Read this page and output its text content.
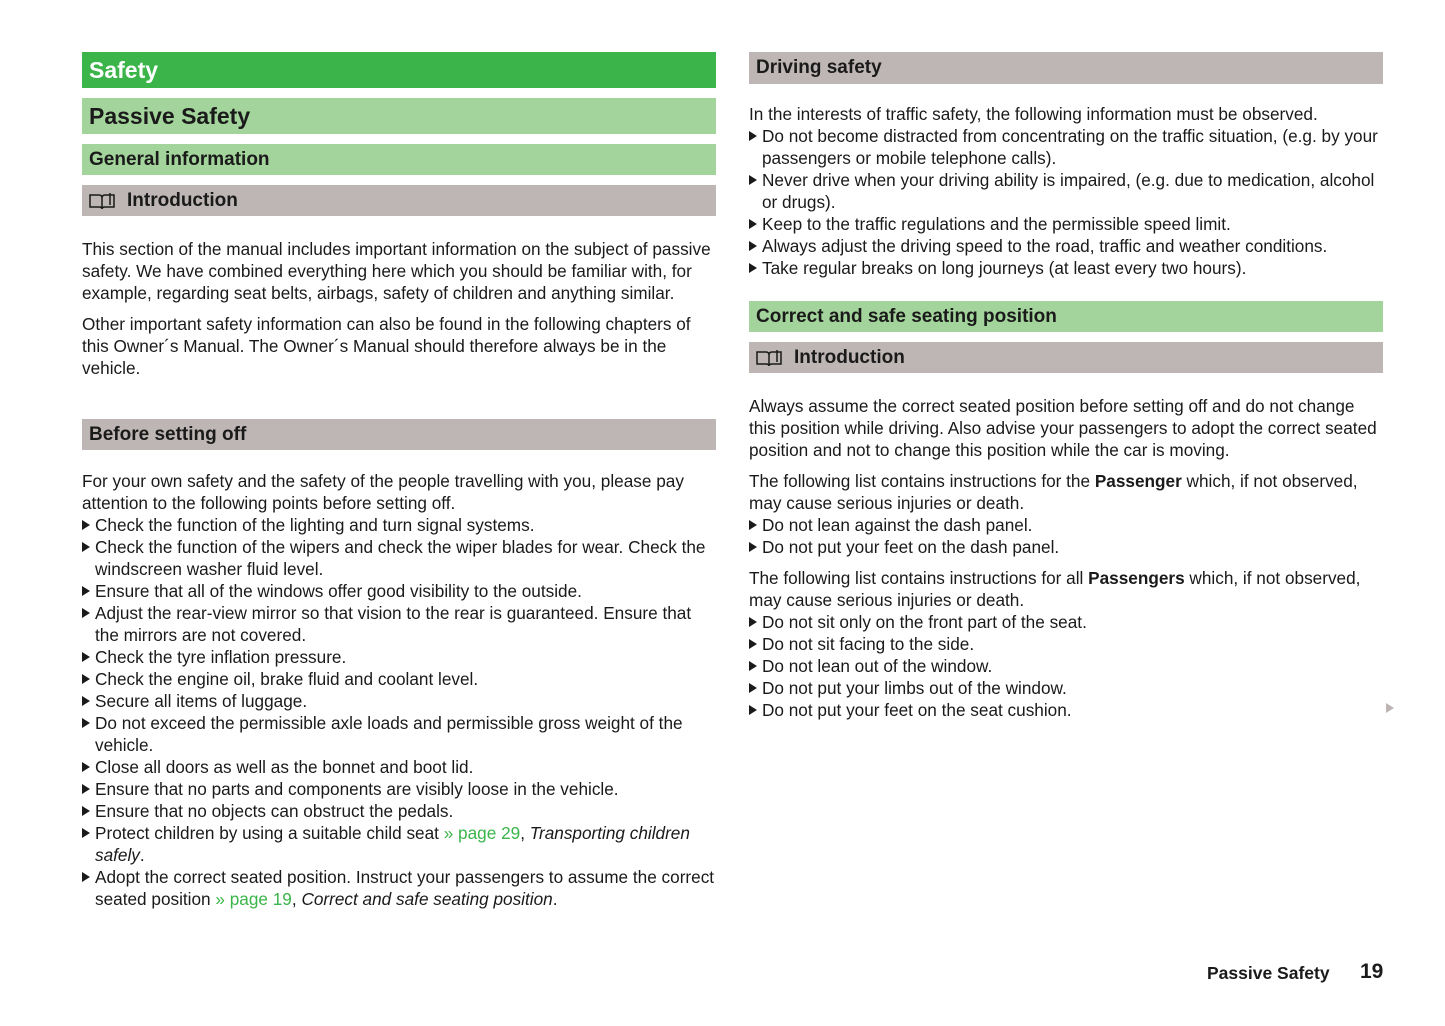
Safety
Passive Safety
General information
Introduction

This section of the manual includes important information on the subject of passive safety. We have combined everything here which you should be familiar with, for example, regarding seat belts, airbags, safety of children and anything similar.

Other important safety information can also be found in the following chapters of this Owner´s Manual. The Owner´s Manual should therefore always be in the vehicle.

Before setting off

For your own safety and the safety of the people travelling with you, please pay attention to the following points before setting off.

Check the function of the lighting and turn signal systems.
Check the function of the wipers and check the wiper blades for wear. Check the windscreen washer fluid level.
Ensure that all of the windows offer good visibility to the outside.
Adjust the rear-view mirror so that vision to the rear is guaranteed. Ensure that the mirrors are not covered.
Check the tyre inflation pressure.
Check the engine oil, brake fluid and coolant level.
Secure all items of luggage.
Do not exceed the permissible axle loads and permissible gross weight of the vehicle.
Close all doors as well as the bonnet and boot lid.
Ensure that no parts and components are visibly loose in the vehicle.
Ensure that no objects can obstruct the pedals.
Protect children by using a suitable child seat » page 29, Transporting children safely.
Adopt the correct seated position. Instruct your passengers to assume the correct seated position » page 19, Correct and safe seating position.
Driving safety

In the interests of traffic safety, the following information must be observed.

Do not become distracted from concentrating on the traffic situation, (e.g. by your passengers or mobile telephone calls).
Never drive when your driving ability is impaired, (e.g. due to medication, alcohol or drugs).
Keep to the traffic regulations and the permissible speed limit.
Always adjust the driving speed to the road, traffic and weather conditions.
Take regular breaks on long journeys (at least every two hours).
Correct and safe seating position
Introduction

Always assume the correct seated position before setting off and do not change this position while driving. Also advise your passengers to adopt the correct seated position and not to change this position while the car is moving.

The following list contains instructions for the Passenger which, if not observed, may cause serious injuries or death.

Do not lean against the dash panel.
Do not put your feet on the dash panel.

The following list contains instructions for all Passengers which, if not observed, may cause serious injuries or death.

Do not sit only on the front part of the seat.
Do not sit facing to the side.
Do not lean out of the window.
Do not put your limbs out of the window.
Do not put your feet on the seat cushion.
Passive Safety 19
